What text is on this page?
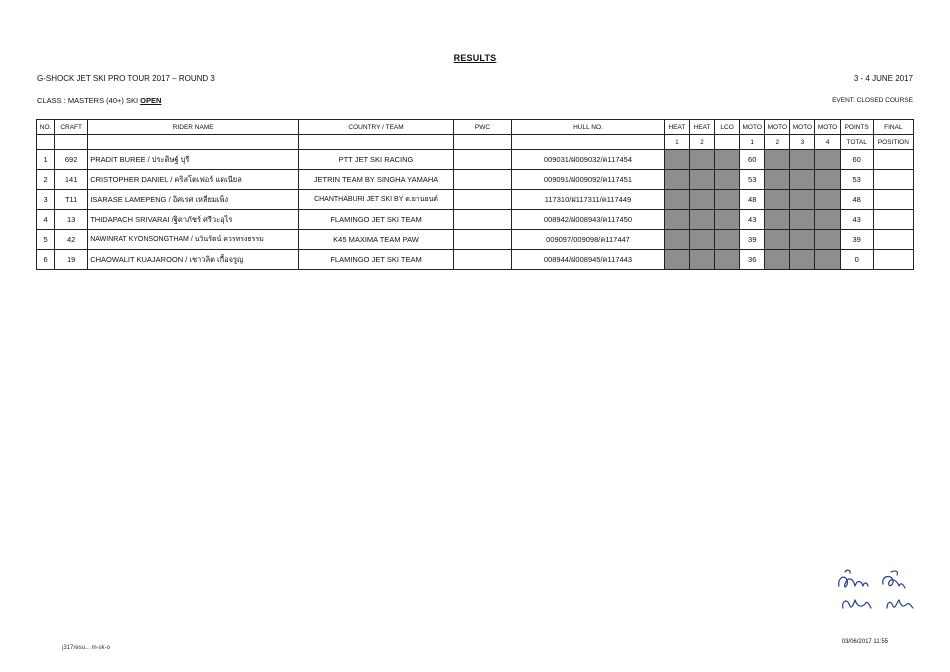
RESULTS
G-SHOCK JET SKI PRO TOUR 2017 – ROUND 3	3 - 4 JUNE 2017
CLASS : MASTERS (40+) SKI OPEN	EVENT: CLOSED COURSE
NO.	CRAFT	RIDER NAME	COUNTRY / TEAM	PWC	HULL NO.	HEAT	HEAT	LCO	MOTO	MOTO	MOTO	MOTO	POINTS	FINAL
						1	2		1	2	3	4	TOTAL	POSITION
1	692	PRADIT BUREE / ประดิษฐ์ บุรี	PTT JET SKI RACING		009031/ฝ009032/ค117454				60				60	
2	141	CRISTOPHER DANIEL / คริสโตเฟอร์ แดเนียล	JETRIN TEAM BY SINGHA YAMAHA		009091/ฝ009092/ค117451				53				53	
3	T11	ISARASE LAMEPENG / อิศเรศ เหลี่ยมเพ็ง	CHANTHABURI JET SKI BY ต.ยานยนต์		117310/ฝ117311/ค117449				48				48	
4	13	THIDAPACH SRIVARAI /ฐิดาภัชร์ ศรีวะอุไร	FLAMINGO JET SKI TEAM		008942/ฝ008943/ค117450				43				43	
5	42	NAWINRAT KYONSONGTHAM / นวินรัตน์ ควรทรงธรรม	K45 MAXIMA TEAM PAW		009097/009098/ค117447				39				39	
6	19	CHAOWALIT KUAJAROON / เชาวลิต เกื้อจรูญ	FLAMINGO JET SKI TEAM		008944/ฝ008945/ค117443				36				0	
03/06/2017 11:55
j317resu... m-sk-o
